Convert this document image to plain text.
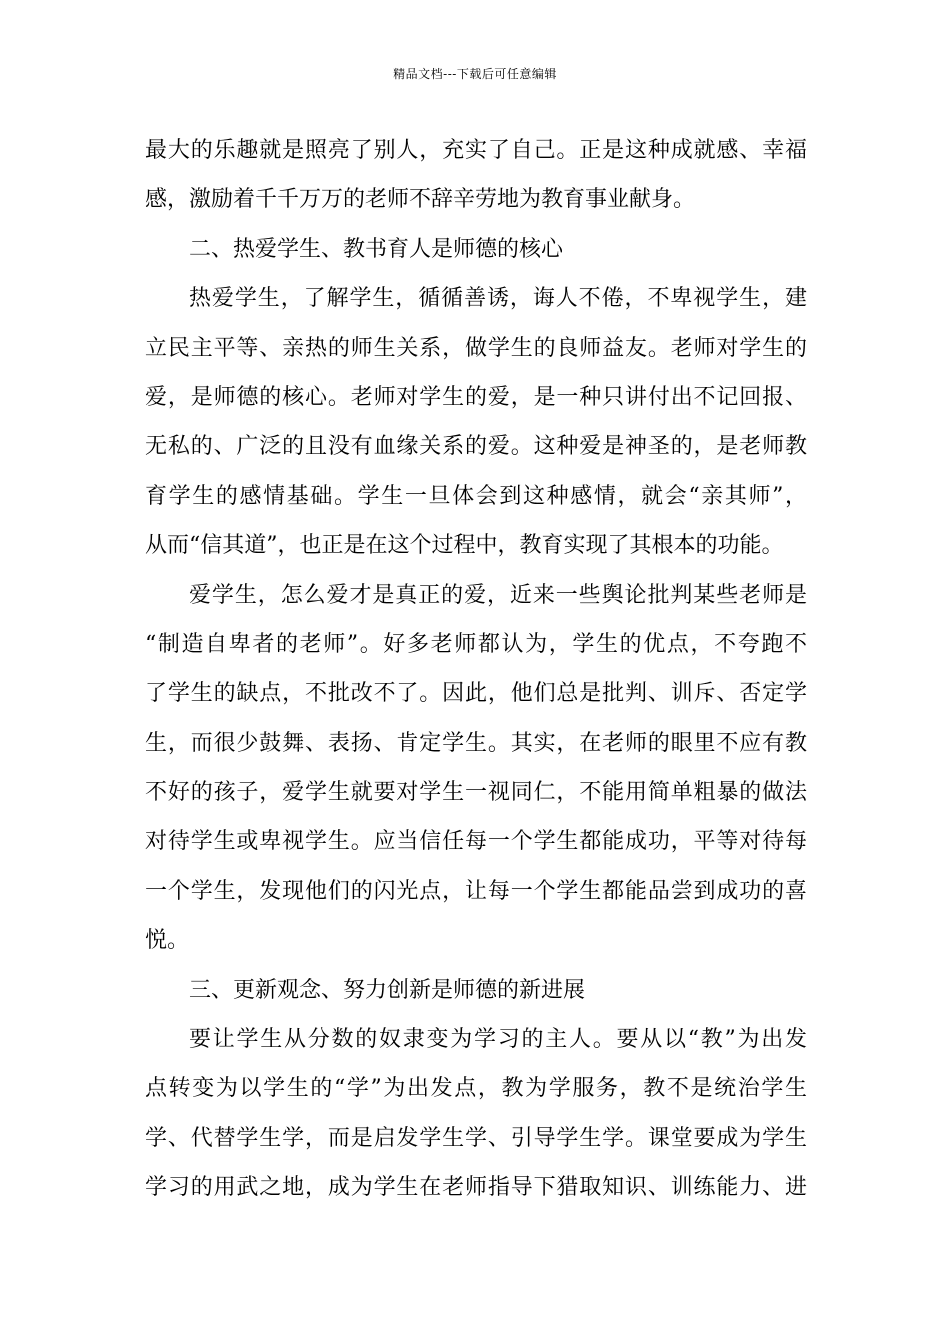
精品文档---下载后可任意编辑
最大的乐趣就是照亮了别人，充实了自己。正是这种成就感、幸福
感，激励着千千万万的老师不辞辛劳地为教育事业献身。
二、热爱学生、教书育人是师德的核心
热爱学生，了解学生，循循善诱，诲人不倦，不卑视学生，建
立民主平等、亲热的师生关系，做学生的良师益友。老师对学生的
爱，是师德的核心。老师对学生的爱，是一种只讲付出不记回报、
无私的、广泛的且没有血缘关系的爱。这种爱是神圣的，是老师教
育学生的感情基础。学生一旦体会到这种感情，就会“亲其师”，
从而“信其道”，也正是在这个过程中，教育实现了其根本的功能。
爱学生，怎么爱才是真正的爱，近来一些舆论批判某些老师是
“制造自卑者的老师”。好多老师都认为，学生的优点，不夸跑不
了学生的缺点，不批改不了。因此，他们总是批判、训斥、否定学
生，而很少鼓舞、表扬、肯定学生。其实，在老师的眼里不应有教
不好的孩子，爱学生就要对学生一视同仁，不能用简单粗暴的做法
对待学生或卑视学生。应当信任每一个学生都能成功，平等对待每
一个学生，发现他们的闪光点，让每一个学生都能品尝到成功的喜
悦。
三、更新观念、努力创新是师德的新进展
要让学生从分数的奴隶变为学习的主人。要从以“教”为出发
点转变为以学生的“学”为出发点，教为学服务，教不是统治学生
学、代替学生学，而是启发学生学、引导学生学。课堂要成为学生
学习的用武之地，成为学生在老师指导下猎取知识、训练能力、进
